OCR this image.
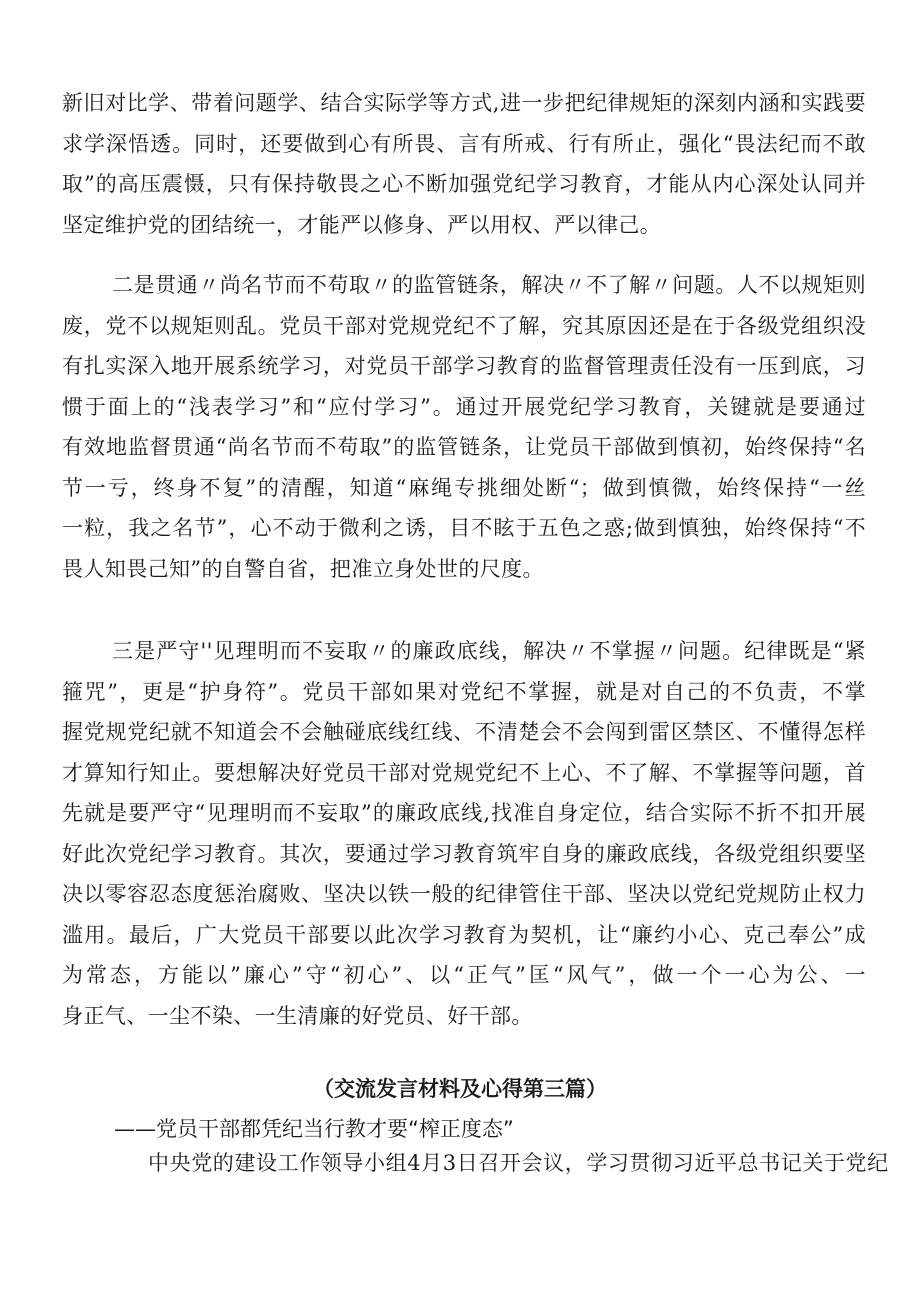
新旧对比学、带着问题学、结合实际学等方式,进一步把纪律规矩的深刻内涵和实践要
求学深悟透。同时，还要做到心有所畏、言有所戒、行有所止，强化“畏法纪而不敢
取”的高压震慑，只有保持敬畏之心不断加强党纪学习教育，才能从内心深处认同并
坚定维护党的团结统一，才能严以修身、严以用权、严以律己。
二是贯通〃尚名节而不苟取〃的监管链条，解决〃不了解〃问题。人不以规矩则
废，党不以规矩则乱。党员干部对党规党纪不了解，究其原因还是在于各级党组织没
有扎实深入地开展系统学习，对党员干部学习教育的监督管理责任没有一压到底，习
惯于面上的“浅表学习”和“应付学习”。通过开展党纪学习教育，关键就是要通过
有效地监督贯通“尚名节而不苟取”的监管链条，让党员干部做到慎初，始终保持“名
节一亏，终身不复”的清醒，知道“麻绳专挑细处断“；做到慎微，始终保持“一丝
一粒，我之名节”，心不动于微利之诱，目不眩于五色之惑;做到慎独，始终保持“不
畏人知畏己知”的自警自省，把准立身处世的尺度。
三是严守''见理明而不妄取〃的廉政底线，解决〃不掌握〃问题。纪律既是“紧
箍咒”，更是“护身符”。党员干部如果对党纪不掌握，就是对自己的不负责，不掌
握党规党纪就不知道会不会触碰底线红线、不清楚会不会闯到雷区禁区、不懂得怎样
才算知行知止。要想解决好党员干部对党规党纪不上心、不了解、不掌握等问题，首
先就是要严守“见理明而不妄取”的廉政底线,找准自身定位，结合实际不折不扣开展
好此次党纪学习教育。其次，要通过学习教育筑牢自身的廉政底线，各级党组织要坚
决以零容忍态度惩治腐败、坚决以铁一般的纪律管住干部、坚决以党纪党规防止权力
滥用。最后，广大党员干部要以此次学习教育为契机，让“廉约小心、克己奉公”成
为常态，方能以”廉心”守“初心”、以“正气”匡“风气”，做一个一心为公、一
身正气、一尘不染、一生清廉的好党员、好干部。
（交流发言材料及心得第三篇）
——党员干部都凭纪当行教才要“榨正度态”
中央党的建设工作领导小组4月3日召开会议，学习贯彻习近平总书记关于党纪
